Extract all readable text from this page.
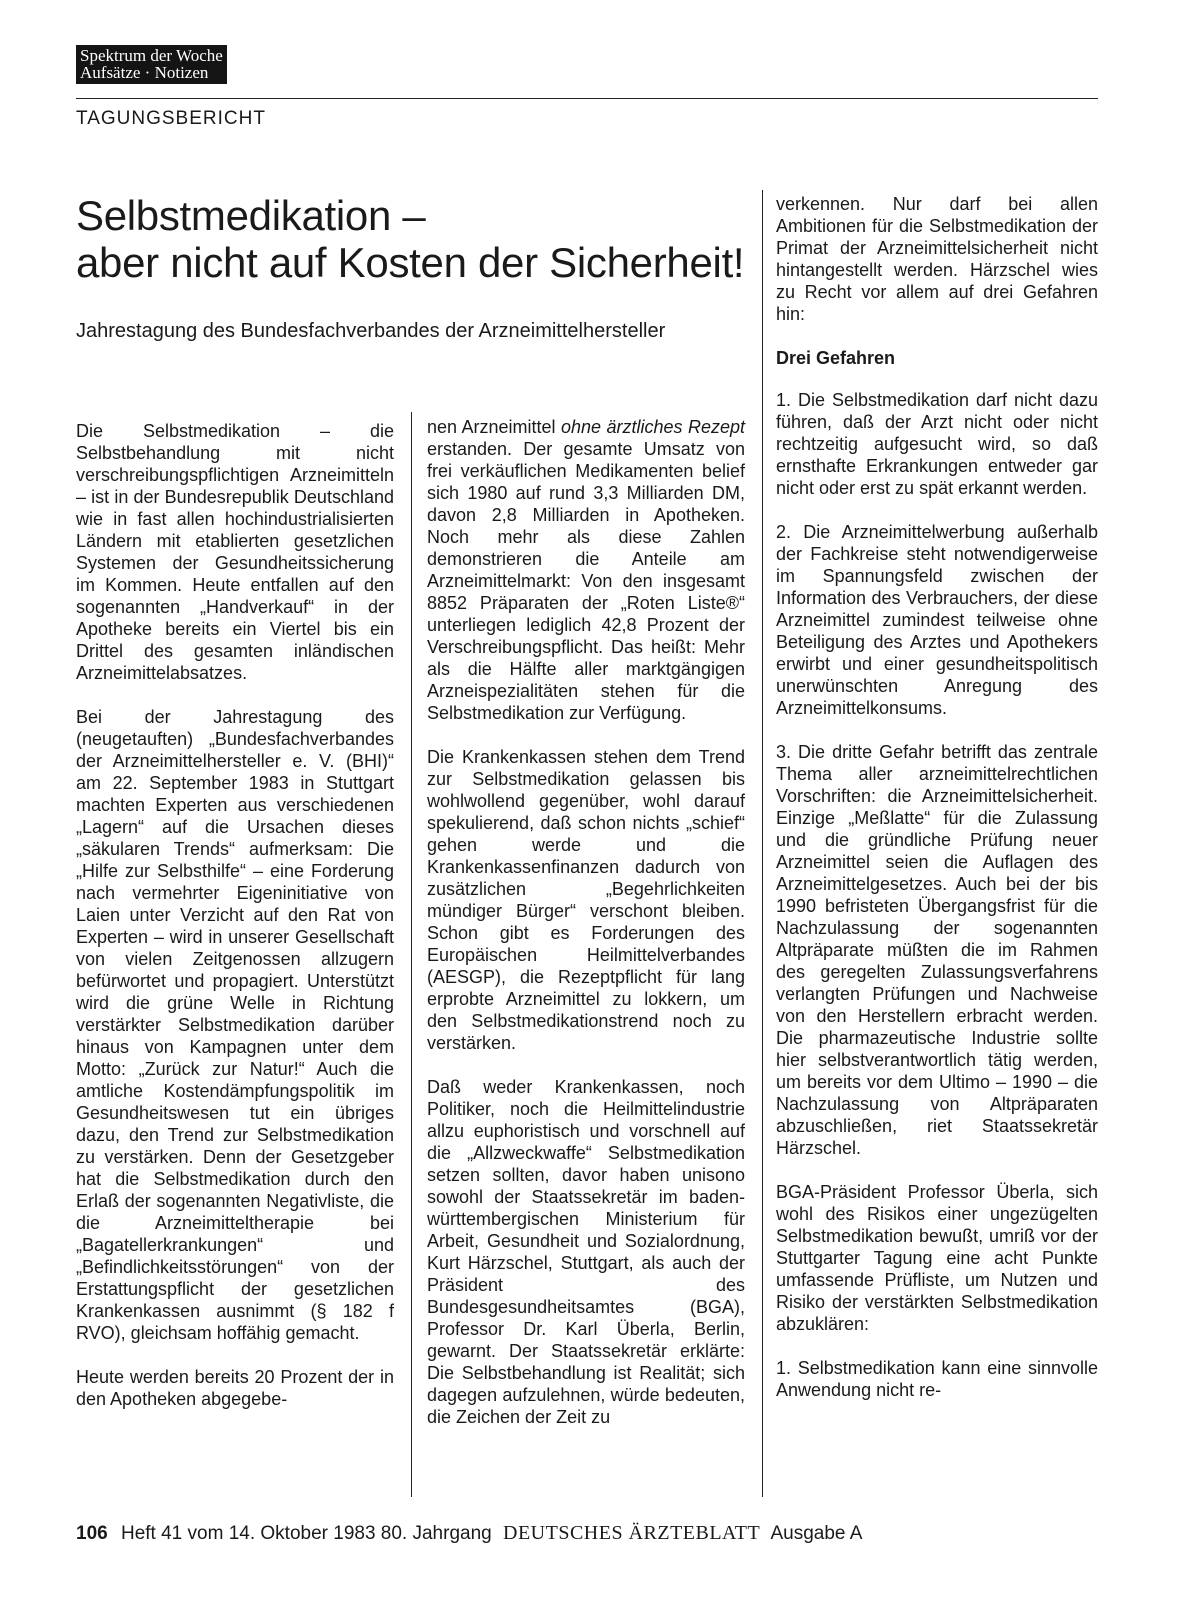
Spektrum der Woche
Aufsätze · Notizen
TAGUNGSBERICHT
Selbstmedikation –
aber nicht auf Kosten der Sicherheit!
Jahrestagung des Bundesfachverbandes der Arzneimittelhersteller

Die Selbstmedikation – die Selbstbehandlung mit nicht verschreibungspflichtigen Arzneimitteln – ist in der Bundesrepublik Deutschland wie in fast allen hochindustrialisierten Ländern mit etablierten gesetzlichen Systemen der Gesundheitssicherung im Kommen. Heute entfallen auf den sogenannten „Handverkauf“ in der Apotheke bereits ein Viertel bis ein Drittel des gesamten inländischen Arzneimittelabsatzes.

Bei der Jahrestagung des (neugetauften) „Bundesfachverbandes der Arzneimittelhersteller e. V. (BHI)“ am 22. September 1983 in Stuttgart machten Experten aus verschiedenen „Lagern“ auf die Ursachen dieses „säkularen Trends“ aufmerksam: Die „Hilfe zur Selbsthilfe“ – eine Forderung nach vermehrter Eigeninitiative von Laien unter Verzicht auf den Rat von Experten – wird in unserer Gesellschaft von vielen Zeitgenossen allzugern befürwortet und propagiert. Unterstützt wird die grüne Welle in Richtung verstärkter Selbstmedikation darüber hinaus von Kampagnen unter dem Motto: „Zurück zur Natur!“ Auch die amtliche Kostendämpfungspolitik im Gesundheitswesen tut ein übriges dazu, den Trend zur Selbstmedikation zu verstärken. Denn der Gesetzgeber hat die Selbstmedikation durch den Erlaß der sogenannten Negativliste, die die Arzneimitteltherapie bei „Bagatellerkrankungen“ und „Befindlichkeitsstörungen“ von der Erstattungspflicht der gesetzlichen Krankenkassen ausnimmt (§ 182 f RVO), gleichsam hoffähig gemacht.

Heute werden bereits 20 Prozent der in den Apotheken abgegebe-

nen Arzneimittel ohne ärztliches Rezept erstanden. Der gesamte Umsatz von frei verkäuflichen Medikamenten belief sich 1980 auf rund 3,3 Milliarden DM, davon 2,8 Milliarden in Apotheken. Noch mehr als diese Zahlen demonstrieren die Anteile am Arzneimittelmarkt: Von den insgesamt 8852 Präparaten der „Roten Liste®“ unterliegen lediglich 42,8 Prozent der Verschreibungspflicht. Das heißt: Mehr als die Hälfte aller marktgängigen Arzneispezialitäten stehen für die Selbstmedikation zur Verfügung.

Die Krankenkassen stehen dem Trend zur Selbstmedikation gelassen bis wohlwollend gegenüber, wohl darauf spekulierend, daß schon nichts „schief“ gehen werde und die Krankenkassenfinanzen dadurch von zusätzlichen „Begehrlichkeiten mündiger Bürger“ verschont bleiben. Schon gibt es Forderungen des Europäischen Heilmittelverbandes (AESGP), die Rezeptpflicht für lang erprobte Arzneimittel zu lokkern, um den Selbstmedikationstrend noch zu verstärken.

Daß weder Krankenkassen, noch Politiker, noch die Heilmittelindustrie allzu euphoristisch und vorschnell auf die „Allzweckwaffe“ Selbstmedikation setzen sollten, davor haben unisono sowohl der Staatssekretär im baden-württembergischen Ministerium für Arbeit, Gesundheit und Sozialordnung, Kurt Härzschel, Stuttgart, als auch der Präsident des Bundesgesundheitsamtes (BGA), Professor Dr. Karl Überla, Berlin, gewarnt. Der Staatssekretär erklärte: Die Selbstbehandlung ist Realität; sich dagegen aufzulehnen, würde bedeuten, die Zeichen der Zeit zu

verkennen. Nur darf bei allen Ambitionen für die Selbstmedikation der Primat der Arzneimittelsicherheit nicht hintangestellt werden. Härzschel wies zu Recht vor allem auf drei Gefahren hin:

Drei Gefahren

1. Die Selbstmedikation darf nicht dazu führen, daß der Arzt nicht oder nicht rechtzeitig aufgesucht wird, so daß ernsthafte Erkrankungen entweder gar nicht oder erst zu spät erkannt werden.

2. Die Arzneimittelwerbung außerhalb der Fachkreise steht notwendigerweise im Spannungsfeld zwischen der Information des Verbrauchers, der diese Arzneimittel zumindest teilweise ohne Beteiligung des Arztes und Apothekers erwirbt und einer gesundheitspolitisch unerwünschten Anregung des Arzneimittelkonsums.

3. Die dritte Gefahr betrifft das zentrale Thema aller arzneimittelrechtlichen Vorschriften: die Arzneimittelsicherheit. Einzige „Meßlatte“ für die Zulassung und die gründliche Prüfung neuer Arzneimittel seien die Auflagen des Arzneimittelgesetzes. Auch bei der bis 1990 befristeten Übergangsfrist für die Nachzulassung der sogenannten Altpräparate müßten die im Rahmen des geregelten Zulassungsverfahrens verlangten Prüfungen und Nachweise von den Herstellern erbracht werden. Die pharmazeutische Industrie sollte hier selbstverantwortlich tätig werden, um bereits vor dem Ultimo – 1990 – die Nachzulassung von Altpräparaten abzuschließen, riet Staatssekretär Härzschel.

BGA-Präsident Professor Überla, sich wohl des Risikos einer ungezügelten Selbstmedikation bewußt, umriß vor der Stuttgarter Tagung eine acht Punkte umfassende Prüfliste, um Nutzen und Risiko der verstärkten Selbstmedikation abzuklären:

1. Selbstmedikation kann eine sinnvolle Anwendung nicht re-

106 Heft 41 vom 14. Oktober 1983 80. Jahrgang DEUTSCHES ÄRZTEBLATT Ausgabe A
